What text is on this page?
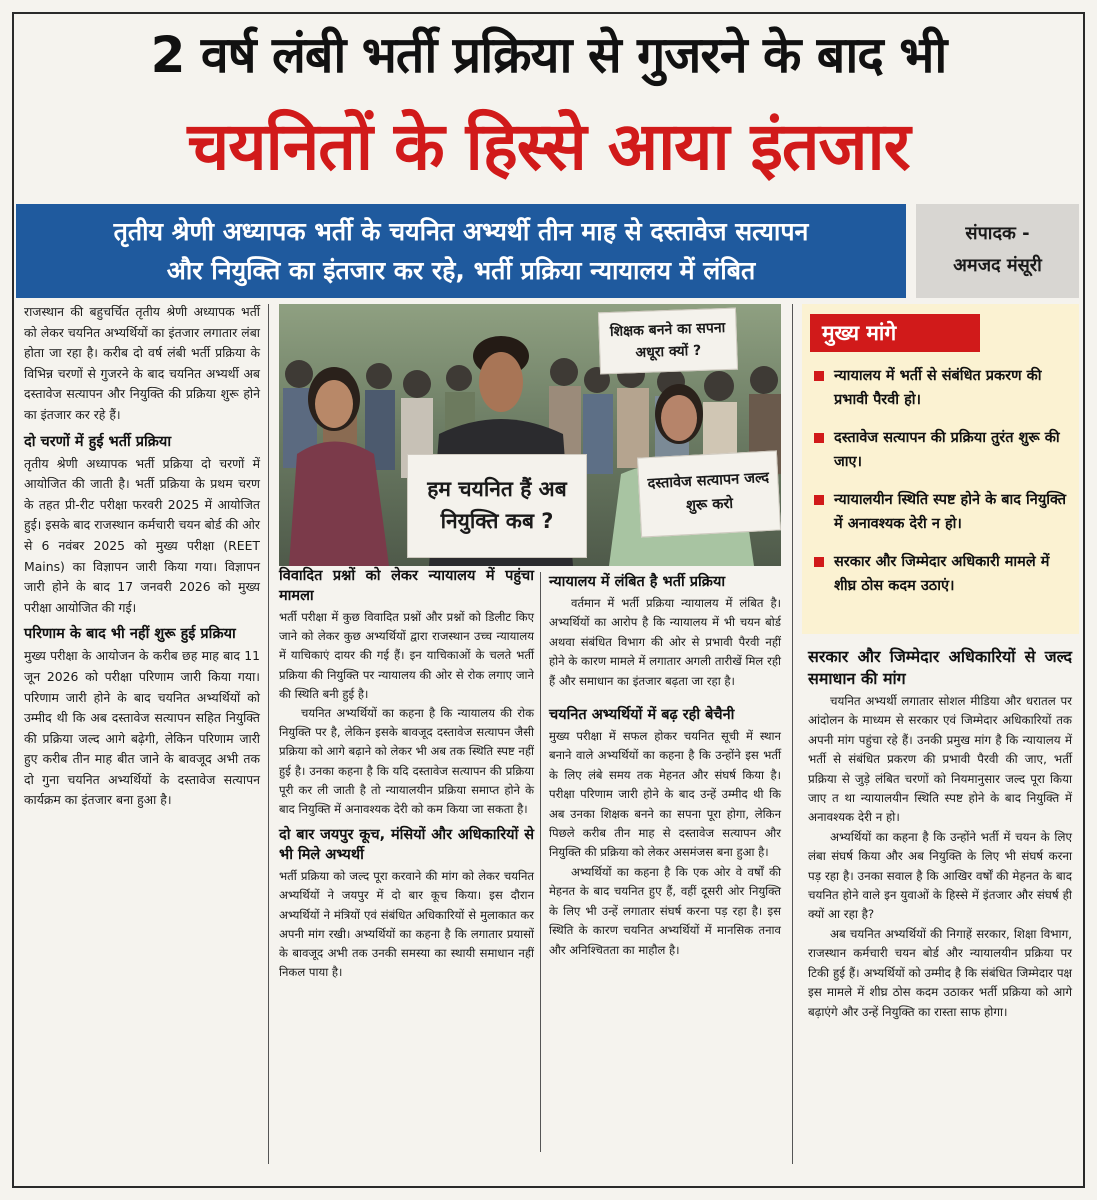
2 वर्ष लंबी भर्ती प्रक्रिया से गुजरने के बाद भी
चयनितों के हिस्से आया इंतजार
तृतीय श्रेणी अध्यापक भर्ती के चयनित अभ्यर्थी तीन माह से दस्तावेज सत्यापन
और नियुक्ति का इंतजार कर रहे, भर्ती प्रक्रिया न्यायालय में लंबित
संपादक -
अमजद मंसूरी

राजस्थान की बहुचर्चित तृतीय श्रेणी अध्यापक भर्ती को लेकर चयनित अभ्यर्थियों का इंतजार लगातार लंबा होता जा रहा है। करीब दो वर्ष लंबी भर्ती प्रक्रिया के विभिन्न चरणों से गुजरने के बाद चयनित अभ्यर्थी अब दस्तावेज सत्यापन और नियुक्ति की प्रक्रिया शुरू होने का इंतजार कर रहे हैं।

दो चरणों में हुई भर्ती प्रक्रिया

तृतीय श्रेणी अध्यापक भर्ती प्रक्रिया दो चरणों में आयोजित की जाती है। भर्ती प्रक्रिया के प्रथम चरण के तहत प्री-रीट परीक्षा फरवरी 2025 में आयोजित हुई। इसके बाद राजस्थान कर्मचारी चयन बोर्ड की ओर से 6 नवंबर 2025 को मुख्य परीक्षा (REET Mains) का विज्ञापन जारी किया गया। विज्ञापन जारी होने के बाद 17 जनवरी 2026 को मुख्य परीक्षा आयोजित की गई।

परिणाम के बाद भी नहीं शुरू हुई प्रक्रिया

मुख्य परीक्षा के आयोजन के करीब छह माह बाद 11 जून 2026 को परीक्षा परिणाम जारी किया गया। परिणाम जारी होने के बाद चयनित अभ्यर्थियों को उम्मीद थी कि अब दस्तावेज सत्यापन सहित नियुक्ति की प्रक्रिया जल्द आगे बढ़ेगी, लेकिन परिणाम जारी हुए करीब तीन माह बीत जाने के बावजूद अभी तक दो गुना चयनित अभ्यर्थियों के दस्तावेज सत्यापन कार्यक्रम का इंतजार बना हुआ है।

शिक्षक बनने का सपना अधूरा क्यों ?
हम चयनित हैं अब नियुक्ति कब ?
दस्तावेज सत्यापन जल्द शुरू करो
विवादित प्रश्नों को लेकर न्यायालय में पहुंचा मामला

भर्ती परीक्षा में कुछ विवादित प्रश्नों और प्रश्नों को डिलीट किए जाने को लेकर कुछ अभ्यर्थियों द्वारा राजस्थान उच्च न्यायालय में याचिकाएं दायर की गई हैं। इन याचिकाओं के चलते भर्ती प्रक्रिया की नियुक्ति पर न्यायालय की ओर से रोक लगाए जाने की स्थिति बनी हुई है।

चयनित अभ्यर्थियों का कहना है कि न्यायालय की रोक नियुक्ति पर है, लेकिन इसके बावजूद दस्तावेज सत्यापन जैसी प्रक्रिया को आगे बढ़ाने को लेकर भी अब तक स्थिति स्पष्ट नहीं हुई है। उनका कहना है कि यदि दस्तावेज सत्यापन की प्रक्रिया पूरी कर ली जाती है तो न्यायालयीन प्रक्रिया समाप्त होने के बाद नियुक्ति में अनावश्यक देरी को कम किया जा सकता है।

दो बार जयपुर कूच, मंसियों और अधिकारियों से भी मिले अभ्यर्थी

भर्ती प्रक्रिया को जल्द पूरा करवाने की मांग को लेकर चयनित अभ्यर्थियों ने जयपुर में दो बार कूच किया। इस दौरान अभ्यर्थियों ने मंत्रियों एवं संबंधित अधिकारियों से मुलाकात कर अपनी मांग रखी। अभ्यर्थियों का कहना है कि लगातार प्रयासों के बावजूद अभी तक उनकी समस्या का स्थायी समाधान नहीं निकल पाया है।

न्यायालय में लंबित है भर्ती प्रक्रिया

वर्तमान में भर्ती प्रक्रिया न्यायालय में लंबित है। अभ्यर्थियों का आरोप है कि न्यायालय में भी चयन बोर्ड अथवा संबंधित विभाग की ओर से प्रभावी पैरवी नहीं होने के कारण मामले में लगातार अगली तारीखें मिल रही हैं और समाधान का इंतजार बढ़ता जा रहा है।

चयनित अभ्यर्थियों में बढ़ रही बेचैनी

मुख्य परीक्षा में सफल होकर चयनित सूची में स्थान बनाने वाले अभ्यर्थियों का कहना है कि उन्होंने इस भर्ती के लिए लंबे समय तक मेहनत और संघर्ष किया है। परीक्षा परिणाम जारी होने के बाद उन्हें उम्मीद थी कि अब उनका शिक्षक बनने का सपना पूरा होगा, लेकिन पिछले करीब तीन माह से दस्तावेज सत्यापन और नियुक्ति की प्रक्रिया को लेकर असमंजस बना हुआ है।

अभ्यर्थियों का कहना है कि एक ओर वे वर्षों की मेहनत के बाद चयनित हुए हैं, वहीं दूसरी ओर नियुक्ति के लिए भी उन्हें लगातार संघर्ष करना पड़ रहा है। इस स्थिति के कारण चयनित अभ्यर्थियों में मानसिक तनाव और अनिश्चितता का माहौल है।

मुख्य मांगे
न्यायालय में भर्ती से संबंधित प्रकरण की प्रभावी पैरवी हो।
दस्तावेज सत्यापन की प्रक्रिया तुरंत शुरू की जाए।
न्यायालयीन स्थिति स्पष्ट होने के बाद नियुक्ति में अनावश्यक देरी न हो।
सरकार और जिम्मेदार अधिकारी मामले में शीघ्र ठोस कदम उठाएं।
सरकार और जिम्मेदार अधिकारियों से जल्द समाधान की मांग

चयनित अभ्यर्थी लगातार सोशल मीडिया और धरातल पर आंदोलन के माध्यम से सरकार एवं जिम्मेदार अधिकारियों तक अपनी मांग पहुंचा रहे हैं। उनकी प्रमुख मांग है कि न्यायालय में भर्ती से संबंधित प्रकरण की प्रभावी पैरवी की जाए, भर्ती प्रक्रिया से जुड़े लंबित चरणों को नियमानुसार जल्द पूरा किया जाए त था न्यायालयीन स्थिति स्पष्ट होने के बाद नियुक्ति में अनावश्यक देरी न हो।

अभ्यर्थियों का कहना है कि उन्होंने भर्ती में चयन के लिए लंबा संघर्ष किया और अब नियुक्ति के लिए भी संघर्ष करना पड़ रहा है। उनका सवाल है कि आखिर वर्षों की मेहनत के बाद चयनित होने वाले इन युवाओं के हिस्से में इंतजार और संघर्ष ही क्यों आ रहा है?

अब चयनित अभ्यर्थियों की निगाहें सरकार, शिक्षा विभाग, राजस्थान कर्मचारी चयन बोर्ड और न्यायालयीन प्रक्रिया पर टिकी हुई हैं। अभ्यर्थियों को उम्मीद है कि संबंधित जिम्मेदार पक्ष इस मामले में शीघ्र ठोस कदम उठाकर भर्ती प्रक्रिया को आगे बढ़ाएंगे और उन्हें नियुक्ति का रास्ता साफ होगा।
